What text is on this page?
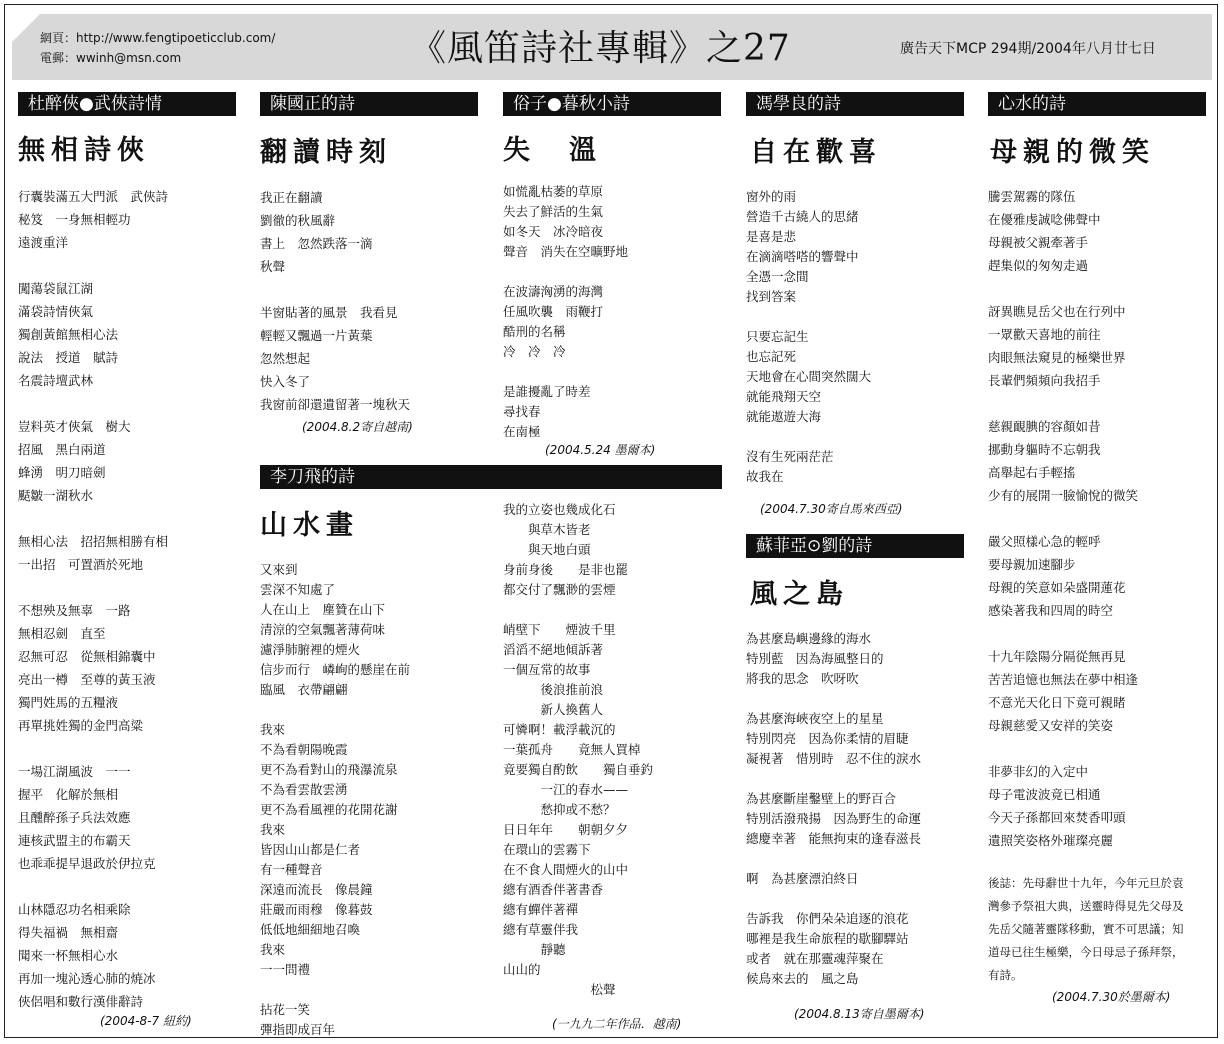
網頁：http://www.fengtipoeticclub.com/
電郵：wwinh@msn.com	《風笛詩社專輯》之27	廣告天下MCP 294期/2004年八月廿七日
杜醉俠●武俠詩情
無相詩俠
行囊裝滿五大門派　武俠詩
秘笈　一身無相輕功
遠渡重洋
闖蕩袋鼠江湖
滿袋詩情俠氣
獨創黃館無相心法
說法　授道　賦詩
名震詩壇武林
豈料英才俠氣　樹大
招風　黑白兩道
蜂湧　明刀暗劍
颳皺一湖秋水
無相心法　招招無相勝有相
一出招　可置酒於死地
不想殃及無辜　一路
無相忍劍　直至
忍無可忍　從無相錦囊中
亮出一樽　至尊的黃玉液
獨門姓馬的五糧液
再單挑姓獨的金門高粱
一場江湖風波　一一
握平　化解於無相
且醺醉孫子兵法效應
連核武盟主的布霸天
也乖乖提早退政於伊拉克
山林隱忍功名相乘除
得失福禍　無相齋
聞來一杯無相心水
再加一塊沁透心肺的焼冰
俠侶唱和數行漢俳辭詩
(2004-8-7 紐約)
陳國正的詩
翻讀時刻
我正在翻讀
劉徹的秋風辭
書上　忽然跌落一滴
秋聲
半窗貼著的風景　我看見
輕輕又飄過一片黃葉
忽然想起
快入冬了
我窗前卻還遺留著一塊秋天
(2004.8.2寄自越南)
李刀飛的詩
山水畫
又來到
雲深不知處了
人在山上　塵贊在山下
清涼的空氣飄著薄荷味
濾淨肺腑裡的煙火
信步而行　嶙峋的懸崖在前
臨風　衣帶翩翩
我來
不為看朝陽晚霞
更不為看對山的飛瀑流泉
不為看雲散雲湧
更不為看風裡的花開花謝
我來
皆因山山都是仁者
有一種聲音
深遠而流長　像晨鐘
莊嚴而雨穆　像暮鼓
低低地細細地召喚
我來
一一問禮
拈花一笑
彈指即成百年
俗子●暮秋小詩
失　溫
如慌亂枯萎的草原
失去了鮮活的生氣
如冬天　冰冷暗夜
聲音　消失在空曠野地
在波濤洶湧的海灣
任風吹襲　雨鞭打
酷刑的名稱
冷　冷　冷
是誰擾亂了時差
尋找春
在南極
(2004.5.24 墨爾本)
我的立姿也幾成化石
　　與草木皆老
　　與天地白頭
身前身後　　是非也罷
都交付了飄渺的雲煙
峭壁下　　煙波千里
滔滔不絕地傾訴著
一個亙常的故事
　　　後浪推前浪
　　　新人換舊人
可憐啊！載浮載沉的
一葉孤舟　　竟無人買棹
竟要獨自酌飲　　獨自垂釣
　　　一江的春水——
　　　愁抑或不愁？
日日年年　　朝朝夕夕
在環山的雲霧下
在不食人間煙火的山中
總有酒香伴著書香
總有蟬伴著禪
總有草靈伴我
　　　靜聽
山山的
　　　　　　　松聲
(一九九二年作品．越南)
馮學良的詩
自在歡喜
窗外的雨
營造千古繞人的思緒
是喜是悲
在滴滴嗒嗒的響聲中
全憑一念間
找到答案
只要忘記生
也忘記死
天地會在心間突然闊大
就能飛翔天空
就能遨遊大海
沒有生死兩茫茫
故我在
(2004.7.30寄自馬來西亞)
蘇菲亞⊙劉的詩
風之島
為甚麼島嶼邊緣的海水
特別藍　因為海風整日的
將我的思念　吹呀吹
為甚麼海峽夜空上的星星
特別閃亮　因為你柔情的眉睫
凝視著　惜別時　忍不住的淚水
為甚麼斷崖鑿壁上的野百合
特別活潑飛揚　因為野生的命運
總慶幸著　能無拘束的逢春滋長
啊　為甚麼漂泊終日
告訴我　你們朵朵追逐的浪花
哪裡是我生命旅程的歇腳驛站
或者　就在那靈魂萍聚在
候鳥來去的　風之島
(2004.8.13寄自墨爾本)
心水的詩
母親的微笑
騰雲駕霧的隊伍
在優雅虔誠唸佛聲中
母親被父親牽著手
趕集似的匆匆走過
訝異瞧見岳父也在行列中
一眾歡天喜地的前往
肉眼無法窺見的極樂世界
長輩們頻頻向我招手
慈親靦腆的容顏如昔
挪動身軀時不忘朝我
高舉起右手輕搖
少有的展開一臉愉悅的微笑
嚴父照樣心急的輕呼
要母親加速腳步
母親的笑意如朵盛開蓮花
感染著我和四周的時空
十九年陰陽分隔從無再見
苦苦追憶也無法在夢中相逢
不意光天化日下竟可親睹
母親慈愛又安祥的笑姿
非夢非幻的入定中
母子電波波竟已相通
今天子孫都回來焚香叩頭
遺照笑姿格外璀璨亮麗
後誌：先母辭世十九年，今年元旦於袁灣參予祭祖大典，送靈時得見先父母及先岳父隨著靈隊移動，實不可思議；知道母已往生極樂，今日母忌子孫拜祭，有詩。
(2004.7.30於墨爾本)
